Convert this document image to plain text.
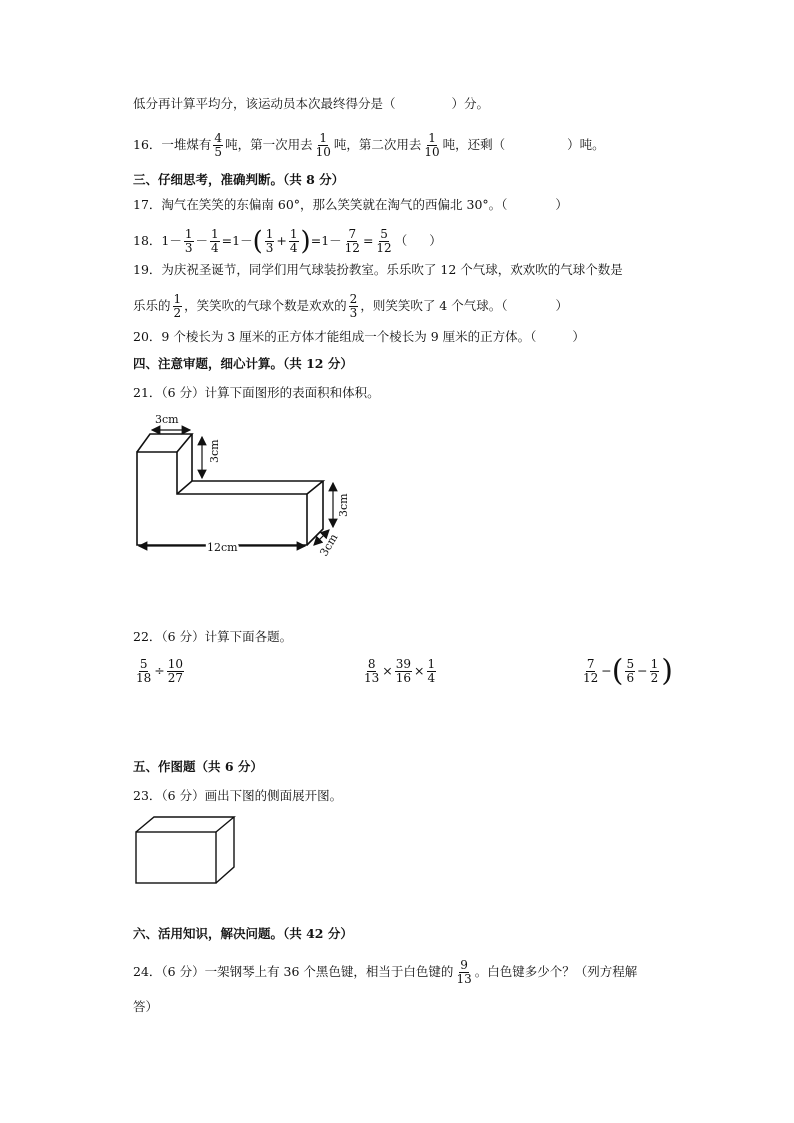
低分再计算平均分，该运动员本次最终得分是（	）分。
16．一堆煤有 $\frac{4}{5}$ 吨，第一次用去 $\frac{1}{10}$ 吨，第二次用去 $\frac{1}{10}$ 吨，还剩（	）吨。
三、仔细思考，准确判断。（共 8 分）
17．淘气在笑笑的东偏南 60°，那么笑笑就在淘气的西偏北 30°。（	）
18．$1- \frac{1}{3} - \frac{1}{4} =1-( \frac{1}{3} + \frac{1}{4} )=1- \frac{7}{12} = \frac{5}{12}$ （ ）
19．为庆祝圣诞节，同学们用气球装扮教室。乐乐吹了 12 个气球，欢欢吹的气球个数是
乐乐的 $\frac{1}{2}$ ，笑笑吹的气球个数是欢欢的 $\frac{2}{3}$ ，则笑笑吹了 4 个气球。（	）
20．9 个棱长为 3 厘米的正方体才能组成一个棱长为 9 厘米的正方体。（	）
四、注意审题，细心计算。（共 12 分）
21．（6 分）计算下面图形的表面积和体积。
3cm
3cm
3cm
3cm
12cm
22．（6 分）计算下面各题。
$\frac{5}{18} \div \frac{10}{27}$	$\frac{8}{13} \times \frac{39}{16} \times \frac{1}{4}$	$\frac{7}{12}$ −( $\frac{5}{6} - \frac{1}{2}$ )
五、作图题（共 6 分）
23．（6 分）画出下图的侧面展开图。
六、活用知识，解决问题。（共 42 分）
24．（6 分）一架钢琴上有 36 个黑色键，相当于白色键的 $\frac{9}{13}$ 。白色键多少个？（列方程解
答）
